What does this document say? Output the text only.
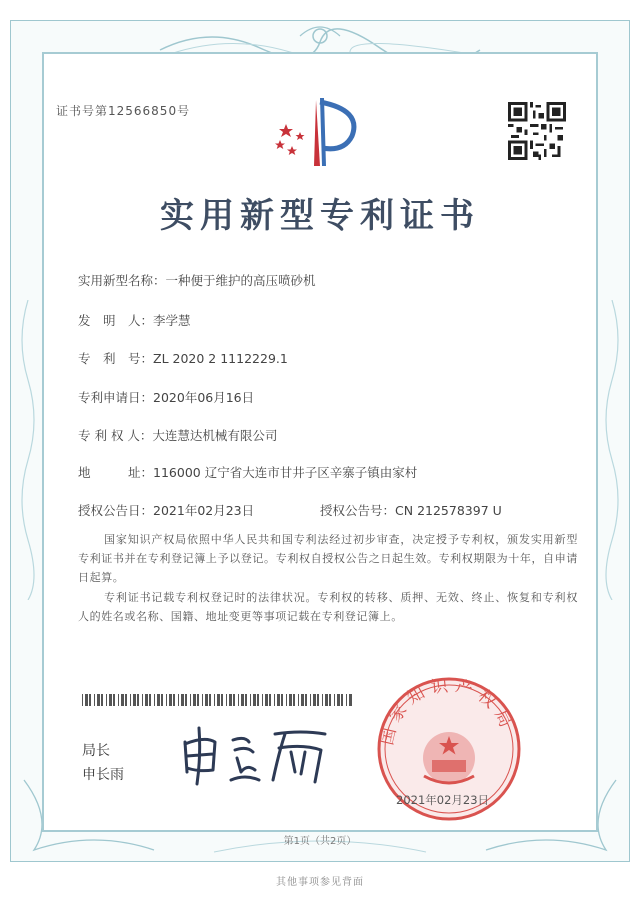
证书号第12566850号
实用新型专利证书
实用新型名称：一种便于维护的高压喷砂机
发　明　人：李学慧
专　利　号：ZL 2020 2 1112229.1
专利申请日：2020年06月16日
专 利 权 人：大连慧达机械有限公司
地　　　址：116000 辽宁省大连市甘井子区辛寨子镇由家村
授权公告日：2021年02月23日	授权公告号：CN 212578397 U
国家知识产权局依照中华人民共和国专利法经过初步审查，决定授予专利权，颁发实用新型专利证书并在专利登记簿上予以登记。专利权自授权公告之日起生效。专利权期限为十年，自申请日起算。
专利证书记载专利权登记时的法律状况。专利权的转移、质押、无效、终止、恢复和专利权人的姓名或名称、国籍、地址变更等事项记载在专利登记簿上。
局长
申长雨
国家知识产权局
2021年02月23日
第1页（共2页）
其他事项参见背面
